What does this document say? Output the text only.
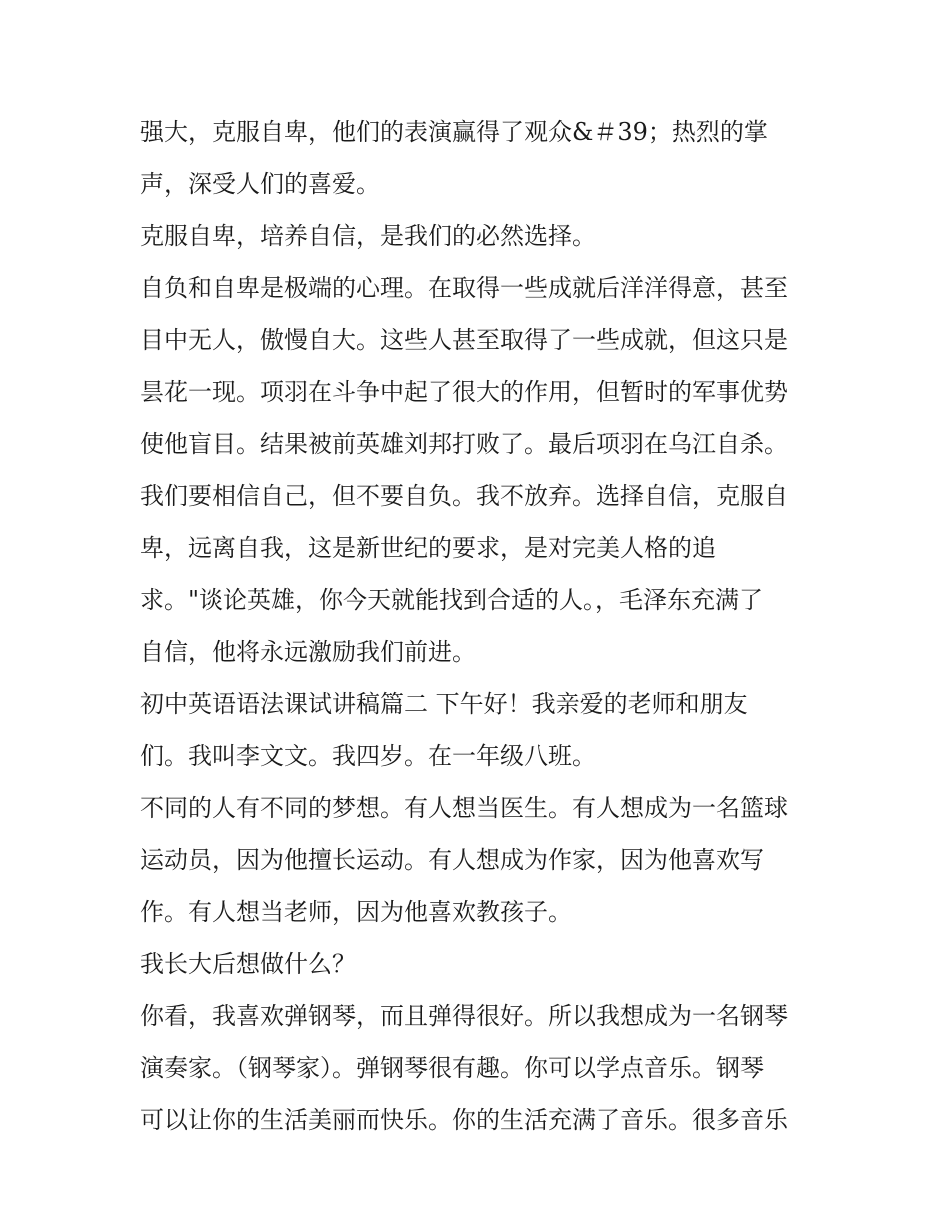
强大，克服自卑，他们的表演赢得了观众&＃39；热烈的掌
声，深受人们的喜爱。
克服自卑，培养自信，是我们的必然选择。
自负和自卑是极端的心理。在取得一些成就后洋洋得意，甚至
目中无人，傲慢自大。这些人甚至取得了一些成就，但这只是
昙花一现。项羽在斗争中起了很大的作用，但暂时的军事优势
使他盲目。结果被前英雄刘邦打败了。最后项羽在乌江自杀。
我们要相信自己，但不要自负。我不放弃。选择自信，克服自
卑，远离自我，这是新世纪的要求，是对完美人格的追
求。"谈论英雄，你今天就能找到合适的人。，毛泽东充满了
自信，他将永远激励我们前进。
初中英语语法课试讲稿篇二 下午好！我亲爱的老师和朋友
们。我叫李文文。我四岁。在一年级八班。
不同的人有不同的梦想。有人想当医生。有人想成为一名篮球
运动员，因为他擅长运动。有人想成为作家，因为他喜欢写
作。有人想当老师，因为他喜欢教孩子。
我长大后想做什么？
你看，我喜欢弹钢琴，而且弹得很好。所以我想成为一名钢琴
演奏家。（钢琴家）。弹钢琴很有趣。你可以学点音乐。钢琴
可以让你的生活美丽而快乐。你的生活充满了音乐。很多音乐
